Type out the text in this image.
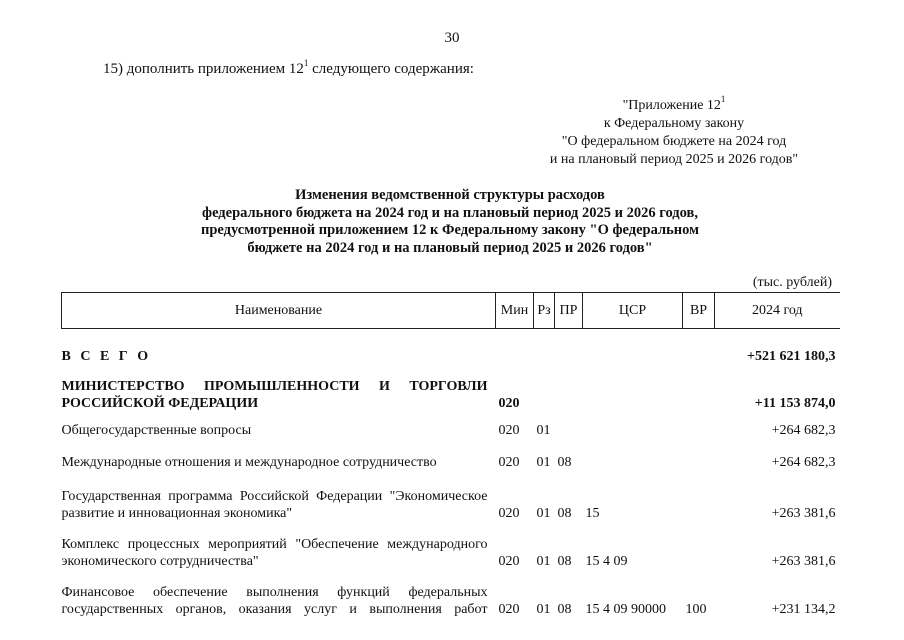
30
15) дополнить приложением $12^1$ следующего содержания:
"Приложение $12^1$
к Федеральному закону
"О федеральном бюджете на 2024 год
и на плановый период 2025 и 2026 годов"
Изменения ведомственной структуры расходов
федерального бюджета на 2024 год и на плановый период 2025 и 2026 годов,
предусмотренной приложением 12 к Федеральному закону "О федеральном
бюджете на 2024 год и на плановый период 2025 и 2026 годов"
(тыс. рублей)
Наименование	Мин	Рз	ПР	ЦСР	ВР	2024 год
В С Е Г О						+521 621 180,3
МИНИСТЕРСТВО ПРОМЫШЛЕННОСТИ И ТОРГОВЛИ РОССИЙСКОЙ ФЕДЕРАЦИИ	020					+11 153 874,0
Общегосударственные вопросы	020	01				+264 682,3
Международные отношения и международное сотрудничество	020	01	08			+264 682,3
Государственная программа Российской Федерации "Экономическое развитие и инновационная экономика"	020	01	08	15		+263 381,6
Комплекс процессных мероприятий "Обеспечение международного экономического сотрудничества"	020	01	08	15 4 09		+263 381,6
Финансовое обеспечение выполнения функций федеральных государственных органов, оказания услуг и выполнения работ	020	01	08	15 4 09 90000	100	+231 134,2
